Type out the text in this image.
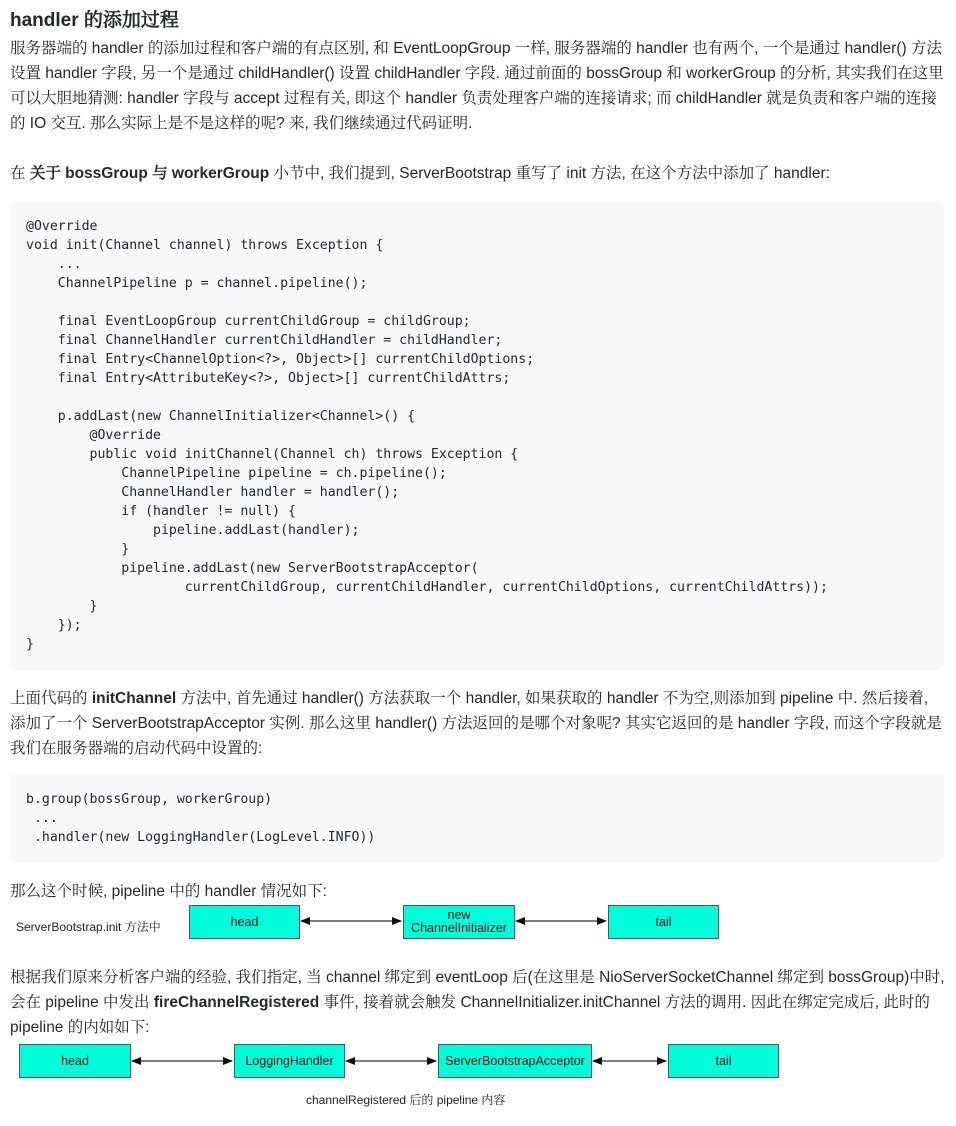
handler 的添加过程

服务器端的 handler 的添加过程和客户端的有点区别, 和 EventLoopGroup 一样, 服务器端的 handler 也有两个, 一个是通过 handler() 方法设置 handler 字段, 另一个是通过 childHandler() 设置 childHandler 字段. 通过前面的 bossGroup 和 workerGroup 的分析, 其实我们在这里可以大胆地猜测: handler 字段与 accept 过程有关, 即这个 handler 负责处理客户端的连接请求; 而 childHandler 就是负责和客户端的连接的 IO 交互. 那么实际上是不是这样的呢? 来, 我们继续通过代码证明.

在 关于 bossGroup 与 workerGroup 小节中, 我们提到, ServerBootstrap 重写了 init 方法, 在这个方法中添加了 handler:

@Override
void init(Channel channel) throws Exception {
...
ChannelPipeline p = channel.pipeline();
final EventLoopGroup currentChildGroup = childGroup;
final ChannelHandler currentChildHandler = childHandler;
final Entry<ChannelOption<?>, Object>[] currentChildOptions;
final Entry<AttributeKey<?>, Object>[] currentChildAttrs;
p.addLast(new ChannelInitializer<Channel>() {
@Override
public void initChannel(Channel ch) throws Exception {
ChannelPipeline pipeline = ch.pipeline();
ChannelHandler handler = handler();
if (handler != null) {
pipeline.addLast(handler);
}
pipeline.addLast(new ServerBootstrapAcceptor(
currentChildGroup, currentChildHandler, currentChildOptions, currentChildAttrs));
}
});
}

上面代码的 initChannel 方法中, 首先通过 handler() 方法获取一个 handler, 如果获取的 handler 不为空,则添加到 pipeline 中. 然后接着, 添加了一个 ServerBootstrapAcceptor 实例. 那么这里 handler() 方法返回的是哪个对象呢? 其实它返回的是 handler 字段, 而这个字段就是我们在服务器端的启动代码中设置的:

b.group(bossGroup, workerGroup)
...
.handler(new LoggingHandler(LogLevel.INFO))

那么这个时候, pipeline 中的 handler 情况如下:

ServerBootstrap.init 方法中	head	new
ChannelInitializer	tail
head	LoggingHandler	ServerBootstrapAcceptor	tail
channelRegistered 后的 pipeline 内容

根据我们原来分析客户端的经验, 我们指定, 当 channel 绑定到 eventLoop 后(在这里是 NioServerSocketChannel 绑定到 bossGroup)中时, 会在 pipeline 中发出 fireChannelRegistered 事件, 接着就会触发 ChannelInitializer.initChannel 方法的调用. 因此在绑定完成后, 此时的 pipeline 的内如如下:
